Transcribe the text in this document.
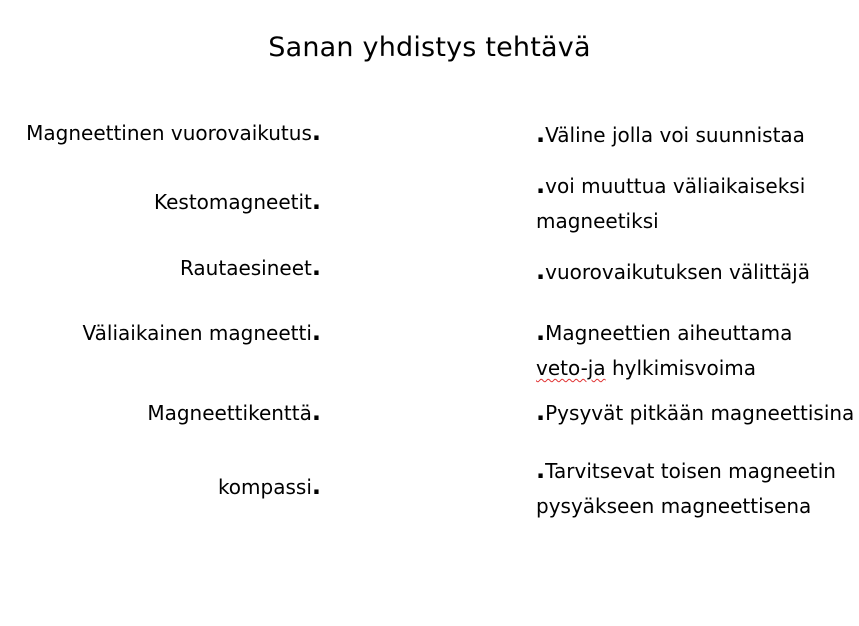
Sanan yhdistys tehtävä
Magneettinen vuorovaikutus.
Kestomagneetit.
Rautaesineet.
Väliaikainen magneetti.
Magneettikenttä.
kompassi.
.Väline jolla voi suunnistaa
.voi muuttua väliaikaiseksi
magneetiksi
.vuorovaikutuksen välittäjä
.Magneettien aiheuttama
veto-ja hylkimisvoima
.Pysyvät pitkään magneettisina
.Tarvitsevat toisen magneetin
pysyäkseen magneettisena
